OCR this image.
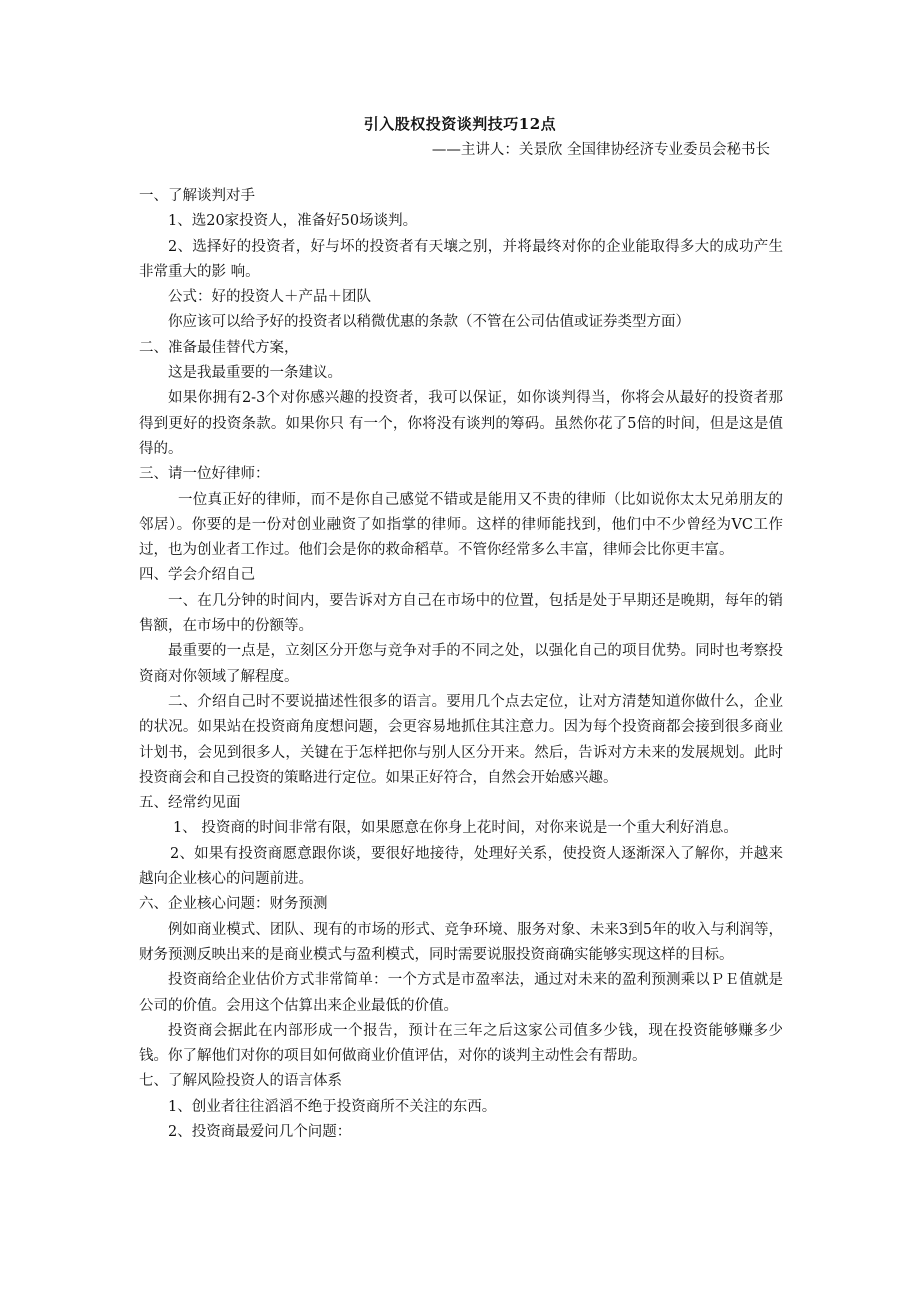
引入股权投资谈判技巧12点
——主讲人：关景欣 全国律协经济专业委员会秘书长

一、了解谈判对手

1、选20家投资人，准备好50场谈判。

2、选择好的投资者，好与坏的投资者有天壤之别，并将最终对你的企业能取得多大的成功产生非常重大的影 响。

公式：好的投资人＋产品＋团队

你应该可以给予好的投资者以稍微优惠的条款（不管在公司估值或证券类型方面）

二、准备最佳替代方案，

这是我最重要的一条建议。

如果你拥有2-3个对你感兴趣的投资者，我可以保证，如你谈判得当，你将会从最好的投资者那得到更好的投资条款。如果你只 有一个，你将没有谈判的筹码。虽然你花了5倍的时间，但是这是值得的。

三、请一位好律师：

一位真正好的律师，而不是你自己感觉不错或是能用又不贵的律师（比如说你太太兄弟朋友的邻居）。你要的是一份对创业融资了如指掌的律师。这样的律师能找到，他们中不少曾经为VC工作过，也为创业者工作过。他们会是你的救命稻草。不管你经常多么丰富，律师会比你更丰富。

四、学会介绍自己

一、在几分钟的时间内，要告诉对方自己在市场中的位置，包括是处于早期还是晚期，每年的销售额，在市场中的份额等。

最重要的一点是，立刻区分开您与竞争对手的不同之处，以强化自己的项目优势。同时也考察投资商对你领域了解程度。

二、介绍自己时不要说描述性很多的语言。要用几个点去定位，让对方清楚知道你做什么，企业的状况。如果站在投资商角度想问题，会更容易地抓住其注意力。因为每个投资商都会接到很多商业计划书，会见到很多人，关键在于怎样把你与别人区分开来。然后，告诉对方未来的发展规划。此时投资商会和自己投资的策略进行定位。如果正好符合，自然会开始感兴趣。

五、经常约见面

1、 投资商的时间非常有限，如果愿意在你身上花时间，对你来说是一个重大利好消息。

2、如果有投资商愿意跟你谈，要很好地接待，处理好关系，使投资人逐渐深入了解你，并越来越向企业核心的问题前进。

六、企业核心问题：财务预测

例如商业模式、团队、现有的市场的形式、竞争环境、服务对象、未来3到5年的收入与利润等，财务预测反映出来的是商业模式与盈利模式，同时需要说服投资商确实能够实现这样的目标。

投资商给企业估价方式非常简单：一个方式是市盈率法，通过对未来的盈利预测乘以ＰＥ值就是公司的价值。会用这个估算出来企业最低的价值。

投资商会据此在内部形成一个报告，预计在三年之后这家公司值多少钱，现在投资能够赚多少钱。你了解他们对你的项目如何做商业价值评估，对你的谈判主动性会有帮助。

七、了解风险投资人的语言体系

1、创业者往往滔滔不绝于投资商所不关注的东西。

2、投资商最爱问几个问题：
